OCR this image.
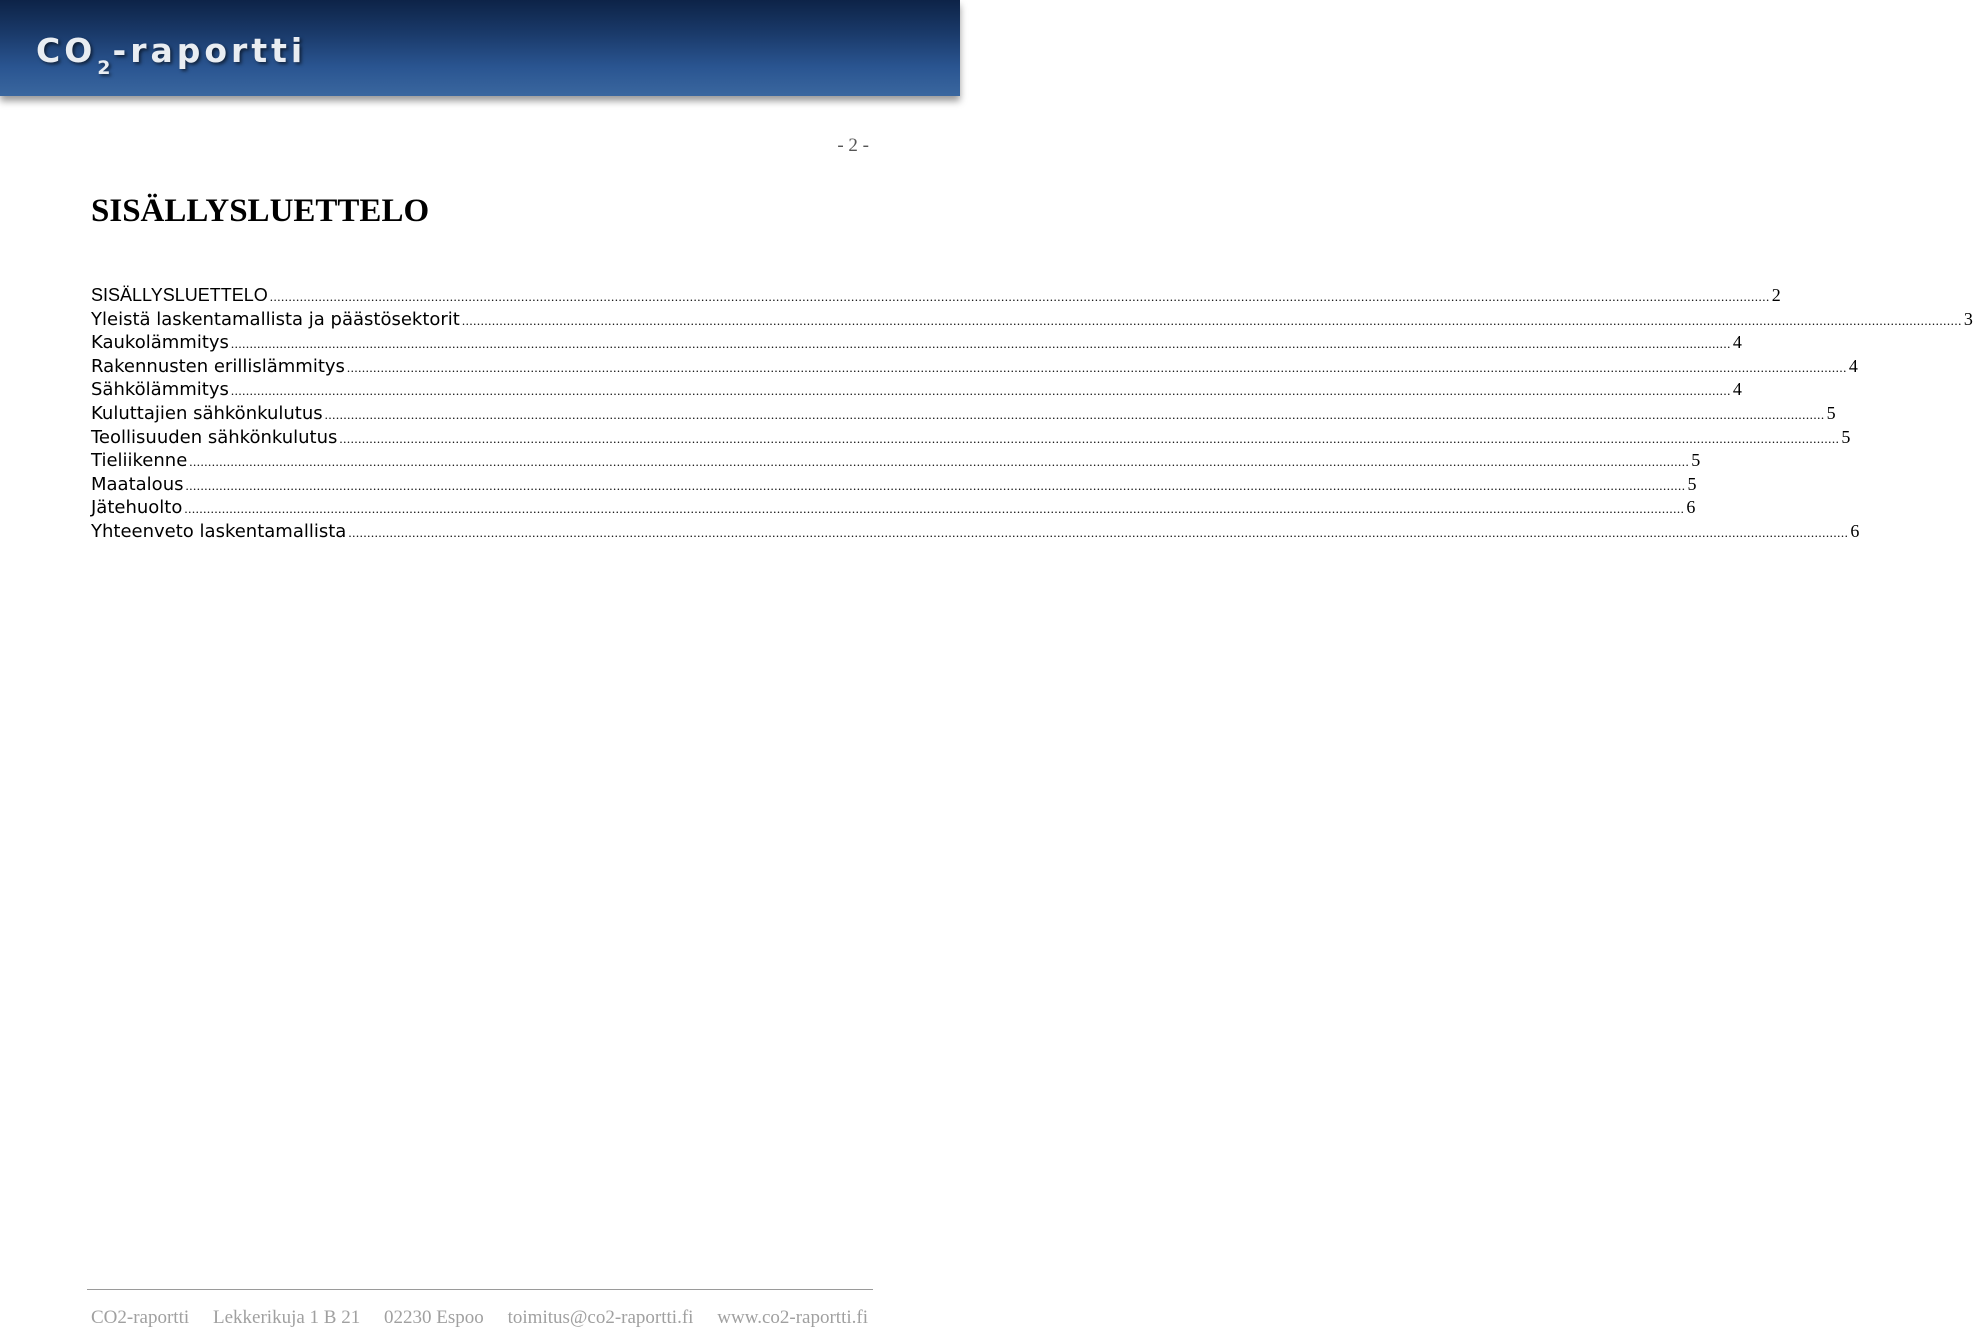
$CO_2$-raportti
- 2 -
SISÄLLYSLUETTELO
SISÄLLYSLUETTELO ................................................................................................................................................................................................................................................................................................................................................................................................................ 2
Yleistä laskentamallista ja päästösektorit ................................................................................................................................................................................................................................................................................................................................................................................................................ 3
Kaukolämmitys ................................................................................................................................................................................................................................................................................................................................................................................................................ 4
Rakennusten erillislämmitys ................................................................................................................................................................................................................................................................................................................................................................................................................ 4
Sähkölämmitys ................................................................................................................................................................................................................................................................................................................................................................................................................ 4
Kuluttajien sähkönkulutus ................................................................................................................................................................................................................................................................................................................................................................................................................ 5
Teollisuuden sähkönkulutus ................................................................................................................................................................................................................................................................................................................................................................................................................ 5
Tieliikenne ................................................................................................................................................................................................................................................................................................................................................................................................................ 5
Maatalous ................................................................................................................................................................................................................................................................................................................................................................................................................ 5
Jätehuolto ................................................................................................................................................................................................................................................................................................................................................................................................................ 6
Yhteenveto laskentamallista ................................................................................................................................................................................................................................................................................................................................................................................................................ 6
CO2-raportti Lekkerikuja 1 B 21 02230 Espoo toimitus@co2-raportti.fi www.co2-raportti.fi
